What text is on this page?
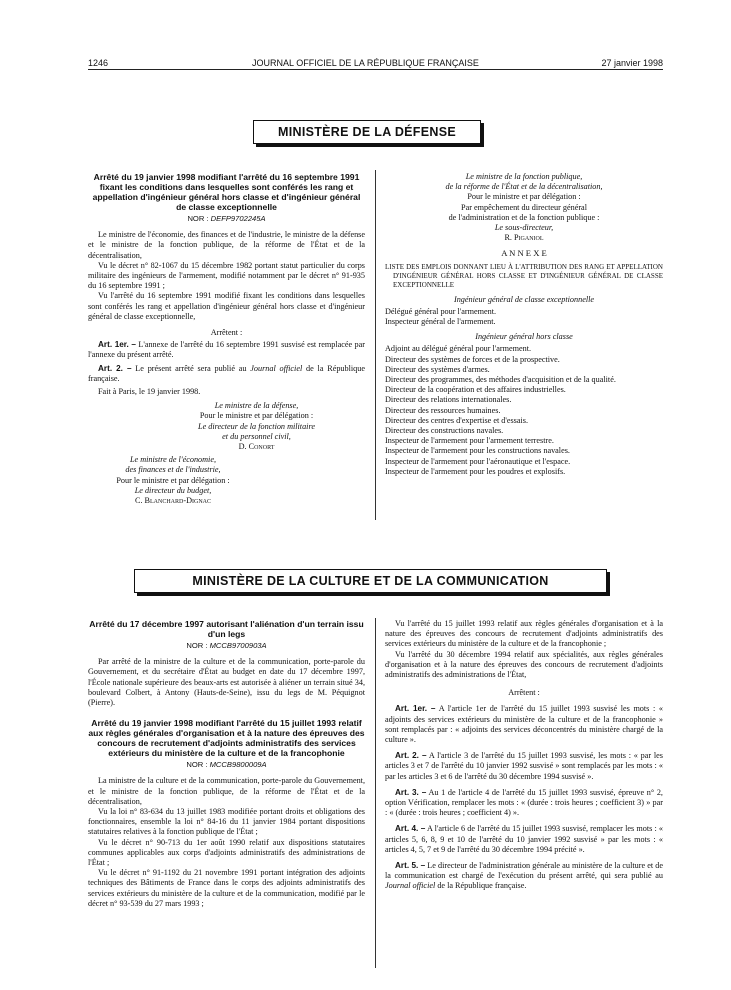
1246	JOURNAL OFFICIEL DE LA RÉPUBLIQUE FRANÇAISE	27 janvier 1998
MINISTÈRE DE LA DÉFENSE

Arrêté du 19 janvier 1998 modifiant l'arrêté du 16 septembre 1991 fixant les conditions dans lesquelles sont conférés les rang et appellation d'ingénieur général hors classe et d'ingénieur général de classe exceptionnelle

NOR : DEFP9702245A

Le ministre de l'économie, des finances et de l'industrie, le ministre de la défense et le ministre de la fonction publique, de la réforme de l'État et de la décentralisation,

Vu le décret n° 82-1067 du 15 décembre 1982 portant statut particulier du corps militaire des ingénieurs de l'armement, modifié notamment par le décret n° 91-935 du 16 septembre 1991 ;

Vu l'arrêté du 16 septembre 1991 modifié fixant les conditions dans lesquelles sont conférés les rang et appellation d'ingénieur général hors classe et d'ingénieur général de classe exceptionnelle,

Arrêtent :

Art. 1er. – L'annexe de l'arrêté du 16 septembre 1991 susvisé est remplacée par l'annexe du présent arrêté.

Art. 2. – Le présent arrêté sera publié au Journal officiel de la République française.

Fait à Paris, le 19 janvier 1998.

Le ministre de la défense,
Pour le ministre et par délégation :
Le directeur de la fonction militaire
et du personnel civil,
D. Conort
Le ministre de l'économie,
des finances et de l'industrie,
Pour le ministre et par délégation :
Le directeur du budget,
C. Blanchard-Dignac
Le ministre de la fonction publique,
de la réforme de l'État et de la décentralisation,
Pour le ministre et par délégation :
Par empêchement du directeur général
de l'administration et de la fonction publique :
Le sous-directeur,
R. Piganiol
A N N E X E
LISTE DES EMPLOIS DONNANT LIEU À L'ATTRIBUTION DES RANG ET APPELLATION D'INGÉNIEUR GÉNÉRAL HORS CLASSE ET D'INGÉNIEUR GÉNÉRAL DE CLASSE EXCEPTIONNELLE
Ingénieur général de classe exceptionnelle
Délégué général pour l'armement.
Inspecteur général de l'armement.
Ingénieur général hors classe
Adjoint au délégué général pour l'armement.
Directeur des systèmes de forces et de la prospective.
Directeur des systèmes d'armes.
Directeur des programmes, des méthodes d'acquisition et de la qualité.
Directeur de la coopération et des affaires industrielles.
Directeur des relations internationales.
Directeur des ressources humaines.
Directeur des centres d'expertise et d'essais.
Directeur des constructions navales.
Inspecteur de l'armement pour l'armement terrestre.
Inspecteur de l'armement pour les constructions navales.
Inspecteur de l'armement pour l'aéronautique et l'espace.
Inspecteur de l'armement pour les poudres et explosifs.
MINISTÈRE DE LA CULTURE ET DE LA COMMUNICATION

Arrêté du 17 décembre 1997 autorisant l'aliénation d'un terrain issu d'un legs

NOR : MCCB9700903A

Par arrêté de la ministre de la culture et de la communication, porte-parole du Gouvernement, et du secrétaire d'État au budget en date du 17 décembre 1997, l'École nationale supérieure des beaux-arts est autorisée à aliéner un terrain situé 34, boulevard Colbert, à Antony (Hauts-de-Seine), issu du legs de M. Péquignot (Pierre).

Arrêté du 19 janvier 1998 modifiant l'arrêté du 15 juillet 1993 relatif aux règles générales d'organisation et à la nature des épreuves des concours de recrutement d'adjoints administratifs des services extérieurs du ministère de la culture et de la francophonie

NOR : MCCB9800009A

La ministre de la culture et de la communication, porte-parole du Gouvernement, et le ministre de la fonction publique, de la réforme de l'État et de la décentralisation,

Vu la loi n° 83-634 du 13 juillet 1983 modifiée portant droits et obligations des fonctionnaires, ensemble la loi n° 84-16 du 11 janvier 1984 portant dispositions statutaires relatives à la fonction publique de l'État ;

Vu le décret n° 90-713 du 1er août 1990 relatif aux dispositions statutaires communes applicables aux corps d'adjoints administratifs des administrations de l'État ;

Vu le décret n° 91-1192 du 21 novembre 1991 portant intégration des adjoints techniques des Bâtiments de France dans le corps des adjoints administratifs des services extérieurs du ministère de la culture et de la communication, modifié par le décret n° 93-539 du 27 mars 1993 ;

Vu l'arrêté du 15 juillet 1993 relatif aux règles générales d'organisation et à la nature des épreuves des concours de recrutement d'adjoints administratifs des services extérieurs du ministère de la culture et de la francophonie ;

Vu l'arrêté du 30 décembre 1994 relatif aux spécialités, aux règles générales d'organisation et à la nature des épreuves des concours de recrutement d'adjoints administratifs des administrations de l'État,

Arrêtent :

Art. 1er. – A l'article 1er de l'arrêté du 15 juillet 1993 susvisé les mots : « adjoints des services extérieurs du ministère de la culture et de la francophonie » sont remplacés par : « adjoints des services déconcentrés du ministère chargé de la culture ».

Art. 2. – A l'article 3 de l'arrêté du 15 juillet 1993 susvisé, les mots : « par les articles 3 et 7 de l'arrêté du 10 janvier 1992 susvisé » sont remplacés par les mots : « par les articles 3 et 6 de l'arrêté du 30 décembre 1994 susvisé ».

Art. 3. – Au 1 de l'article 4 de l'arrêté du 15 juillet 1993 susvisé, épreuve n° 2, option Vérification, remplacer les mots : « (durée : trois heures ; coefficient 3) » par : « (durée : trois heures ; coefficient 4) ».

Art. 4. – A l'article 6 de l'arrêté du 15 juillet 1993 susvisé, remplacer les mots : « articles 5, 6, 8, 9 et 10 de l'arrêté du 10 janvier 1992 susvisé » par les mots : « articles 4, 5, 7 et 9 de l'arrêté du 30 décembre 1994 précité ».

Art. 5. – Le directeur de l'administration générale au ministère de la culture et de la communication est chargé de l'exécution du présent arrêté, qui sera publié au Journal officiel de la République française.
